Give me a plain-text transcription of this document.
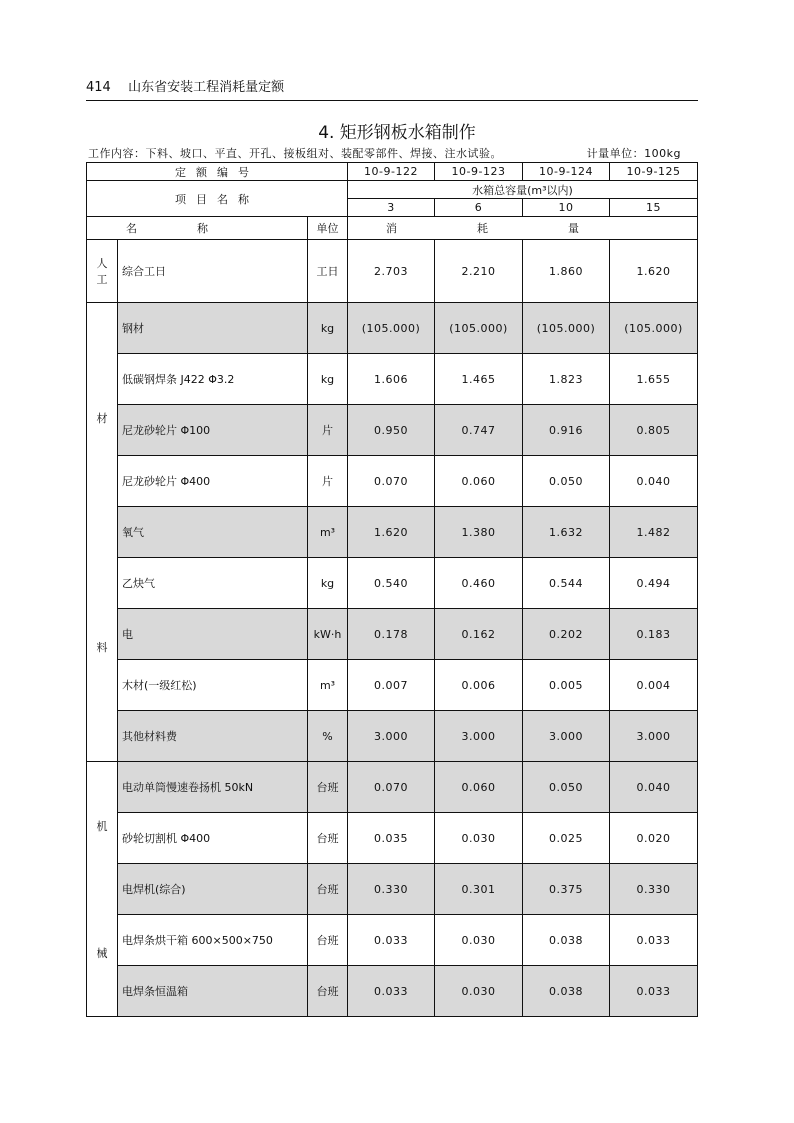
414 山东省安装工程消耗量定额
4. 矩形钢板水箱制作
工作内容：下料、坡口、平直、开孔、接板组对、装配零部件、焊接、注水试验。	计量单位：100kg
定额编号			10-9-122	10-9-123	10-9-124	10-9-125
项目名称			水箱总容量(m³以内)			
			3	6	10	15
名称		单位	消耗量			

人
工	综合工日	工日	2.703	2.210	1.860	1.620

材
料	钢材	kg	(105.000)	(105.000)	(105.000)	(105.000)
	低碳钢焊条 J422 Φ3.2	kg	1.606	1.465	1.823	1.655
	尼龙砂轮片 Φ100	片	0.950	0.747	0.916	0.805
	尼龙砂轮片 Φ400	片	0.070	0.060	0.050	0.040
	氧气	m³	1.620	1.380	1.632	1.482
	乙炔气	kg	0.540	0.460	0.544	0.494
	电	kW·h	0.178	0.162	0.202	0.183
	木材(一级红松)	m³	0.007	0.006	0.005	0.004
	其他材料费	%	3.000	3.000	3.000	3.000

机
械	电动单筒慢速卷扬机 50kN	台班	0.070	0.060	0.050	0.040
	砂轮切割机 Φ400	台班	0.035	0.030	0.025	0.020
	电焊机(综合)	台班	0.330	0.301	0.375	0.330
	电焊条烘干箱 600×500×750	台班	0.033	0.030	0.038	0.033
	电焊条恒温箱	台班	0.033	0.030	0.038	0.033
